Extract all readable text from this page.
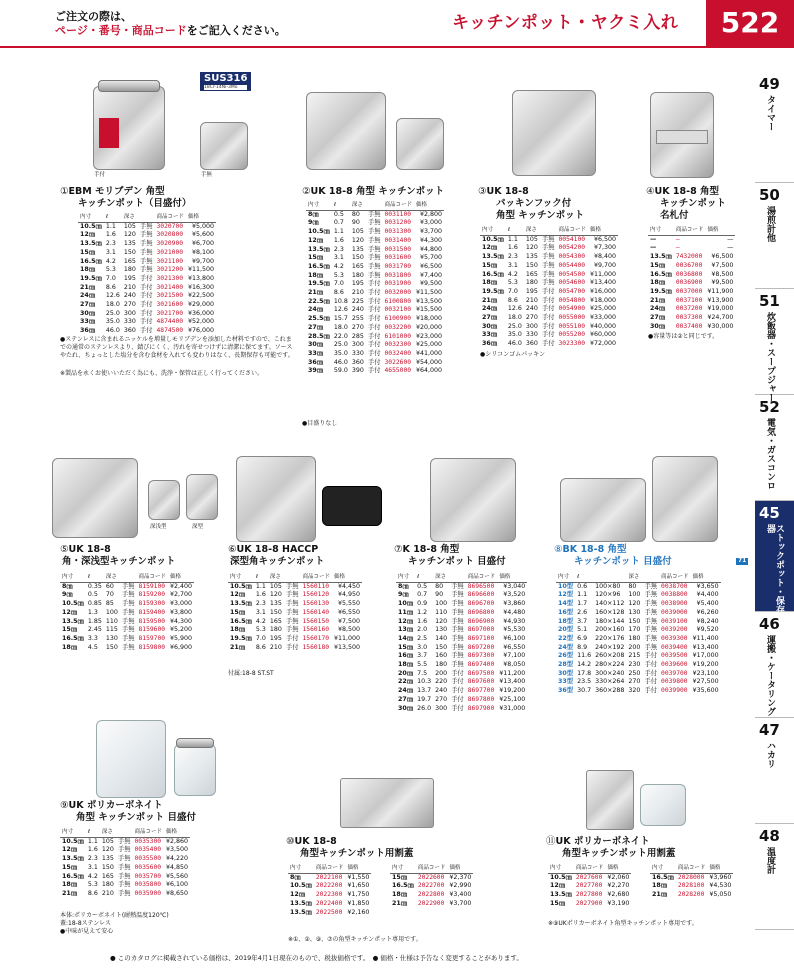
ご注文の際は、
ページ・番号・商品コードをご記入ください。	キッチンポット・ヤクミ入れ	522
49
タイマー
50
湯煎計他
51
炊飯器・スープジャー
52
電気・ガスコンロ
45
ストックポット・保存容器
46
運搬・ケータリング
47
ハカリ
48
温度計
SUS316
18Cr-14Ni-3Mo
手付	手無
①EBM モリブデン 角型
キッチンポット（目盛付）
内寸	ℓ	深さ		商品コード	価格
10.5㎝	1.1	105	手無	3020700	¥5,000
12㎝	1.6	120	手無	3020800	¥5,600
13.5㎝	2.3	135	手無	3020900	¥6,700
15㎝	3.1	150	手無	3021000	¥8,100
16.5㎝	4.2	165	手無	3021100	¥9,700
18㎝	5.3	180	手無	3021200	¥11,500
19.5㎝	7.0	195	手付	3021300	¥13,800
21㎝	8.6	210	手付	3021400	¥16,300
24㎝	12.6	240	手付	3021500	¥22,500
27㎝	18.0	270	手付	3021600	¥29,000
30㎝	25.0	300	手付	3021700	¥36,000
33㎝	35.0	330	手付	4874400	¥52,000
36㎝	46.0	360	手付	4874500	¥76,000
●ステンレスに含まれるニッケルを増量しモリブデンを添加した材料ですので、これまでの通常のステンレスより、錆びにくく、汚れを寄せつけずに清潔に保てます。ソースやたれ、ちょっとした塩分を含む食材を入れても変わりはなく、長期保存も可能です。
※製品を永くお使いいただく為にも、洗浄・保管は正しく行ってください。
②UK 18-8 角型 キッチンポット
内寸	ℓ	深さ		商品コード	価格
8㎝	0.5	80	手無	0031100	¥2,800
9㎝	0.7	90	手無	0031200	¥3,000
10.5㎝	1.1	105	手無	0031300	¥3,700
12㎝	1.6	120	手無	0031400	¥4,300
13.5㎝	2.3	135	手無	0031500	¥4,800
15㎝	3.1	150	手無	0031600	¥5,700
16.5㎝	4.2	165	手無	0031700	¥6,500
18㎝	5.3	180	手無	0031800	¥7,400
19.5㎝	7.0	195	手付	0031900	¥9,500
21㎝	8.6	210	手付	0032000	¥11,500
22.5㎝	10.8	225	手付	6100800	¥13,500
24㎝	12.6	240	手付	0032100	¥15,500
25.5㎝	15.7	255	手付	6100900	¥18,000
27㎝	18.0	270	手付	0032200	¥20,000
28.5㎝	22.0	285	手付	6101000	¥23,000
30㎝	25.0	300	手付	0032300	¥25,000
33㎝	35.0	330	手付	0032400	¥41,000
36㎝	46.0	360	手付	3022600	¥54,000
39㎝	59.0	390	手付	4655000	¥64,000
●目盛りなし
③UK 18-8
パッキンフック付
角型 キッチンポット
内寸	ℓ	深さ		商品コード	価格
10.5㎝	1.1	105	手無	0054100	¥6,500
12㎝	1.6	120	手無	0054200	¥7,300
13.5㎝	2.3	135	手無	0054300	¥8,400
15㎝	3.1	150	手無	0054400	¥9,700
16.5㎝	4.2	165	手無	0054500	¥11,000
18㎝	5.3	180	手無	0054600	¥13,400
19.5㎝	7.0	195	手付	0054700	¥16,000
21㎝	8.6	210	手付	0054800	¥18,000
24㎝	12.6	240	手付	0054900	¥25,000
27㎝	18.0	270	手付	0055000	¥33,000
30㎝	25.0	300	手付	0055100	¥40,000
33㎝	35.0	330	手付	0055200	¥60,000
36㎝	46.0	360	手付	3023300	¥72,000
●シリコンゴムパッキン
④UK 18-8 角型
キッチンポット
名札付
内寸	商品コード	価格
—	—	—
—	—	—
13.5㎝	7432000	¥6,500
15㎝	0036700	¥7,500
16.5㎝	0036800	¥8,500
18㎝	0036900	¥9,500
19.5㎝	0037000	¥11,900
21㎝	0037100	¥13,900
24㎝	0037200	¥19,000
27㎝	0037300	¥24,700
30㎝	0037400	¥30,000
●容量等は②と同じです。
深浅型	深型
⑤UK 18-8
角・深浅型キッチンポット
内寸	ℓ	深さ		商品コード	価格
8㎝	0.35	60	手無	8159100	¥2,400
9㎝	0.5	70	手無	8159200	¥2,700
10.5㎝	0.85	85	手無	8159300	¥3,000
12㎝	1.3	100	手無	8159400	¥3,800
13.5㎝	1.85	110	手無	8159500	¥4,300
15㎝	2.45	115	手無	8159600	¥5,200
16.5㎝	3.3	130	手無	8159700	¥5,900
18㎝	4.5	150	手無	8159800	¥6,900
⑥UK 18-8 HACCP
深型角キッチンポット
内寸	ℓ	深さ		商品コード	価格
10.5㎝	1.1	105	手無	1560110	¥4,450
12㎝	1.6	120	手無	1560120	¥4,950
13.5㎝	2.3	135	手無	1560130	¥5,550
15㎝	3.1	150	手無	1560140	¥6,550
16.5㎝	4.2	165	手無	1560150	¥7,500
18㎝	5.3	180	手無	1560160	¥8,500
19.5㎝	7.0	195	手付	1560170	¥11,000
21㎝	8.6	210	手付	1560180	¥13,500
付属:18-8 ST.ST
⑦K 18-8 角型
キッチンポット 目盛付
内寸	ℓ	深さ		商品コード	価格
8㎝	0.5	80	手無	8696500	¥3,040
9㎝	0.7	90	手無	8696600	¥3,520
10㎝	0.9	100	手無	8696700	¥3,860
11㎝	1.2	110	手無	8696800	¥4,480
12㎝	1.6	120	手無	8696900	¥4,930
13㎝	2.0	130	手無	8697000	¥5,530
14㎝	2.5	140	手無	8697100	¥6,100
15㎝	3.0	150	手無	8697200	¥6,550
16㎝	3.7	160	手無	8697300	¥7,100
18㎝	5.5	180	手無	8697400	¥8,050
20㎝	7.5	200	手付	8697500	¥11,200
22㎝	10.3	220	手付	8697600	¥13,400
24㎝	13.7	240	手付	8697700	¥19,200
27㎝	19.7	270	手付	8697800	¥25,100
30㎝	26.0	300	手付	8697900	¥31,000
⑧BK 18-8 角型
キッチンポット 目盛付	71
内寸	ℓ		深さ		商品コード	価格
10型	0.6	100×80	80	手無	0038700	¥3,650
12型	1.1	120×96	100	手無	0038800	¥4,400
14型	1.7	140×112	120	手無	0038900	¥5,400
16型	2.6	160×128	130	手無	0039000	¥6,260
18型	3.7	180×144	150	手無	0039100	¥8,240
20型	5.1	200×160	170	手無	0039200	¥9,520
22型	6.9	220×176	180	手無	0039300	¥11,400
24型	8.9	240×192	200	手無	0039400	¥13,400
26型	11.6	260×208	215	手付	0039500	¥17,000
28型	14.2	280×224	230	手付	0039600	¥19,200
30型	17.8	300×240	250	手付	0039700	¥23,100
33型	23.5	330×264	270	手付	0039800	¥27,500
36型	30.7	360×288	320	手付	0039900	¥35,600
⑨UK ポリカーボネイト
角型 キッチンポット 目盛付
内寸	ℓ	深さ		商品コード	価格
10.5㎝	1.1	105	手無	0035300	¥2,860
12㎝	1.6	120	手無	0035400	¥3,500
13.5㎝	2.3	135	手無	0035500	¥4,220
15㎝	3.1	150	手無	0035600	¥4,850
16.5㎝	4.2	165	手無	0035700	¥5,560
18㎝	5.3	180	手無	0035800	¥6,100
21㎝	8.6	210	手無	0035900	¥8,650
本体:ポリカーボネイト(耐熱温度120℃)
蓋:18-8ステンレス
●中味が見えて安心
⑩UK 18-8
角型キッチンポット用割蓋
内寸	商品コード	価格
8㎝	2022100	¥1,550
10.5㎝	2022200	¥1,650
12㎝	2022300	¥1,750
13.5㎝	2022400	¥1,850
13.5㎝	2022500	¥2,160
内寸	商品コード	価格
15㎝	2022600	¥2,370
16.5㎝	2022700	¥2,990
18㎝	2022800	¥3,400
21㎝	2022900	¥3,700
※①、②、⑨、⑦の角型キッチンポット専用です。
⑪UK ポリカーボネイト
角型キッチンポット用割蓋
内寸	商品コード	価格
10.5㎝	2027600	¥2,060
12㎝	2027700	¥2,270
13.5㎝	2027800	¥2,680
15㎝	2027900	¥3,190
内寸	商品コード	価格
16.5㎝	2028000	¥3,960
18㎝	2028100	¥4,530
21㎝	2028200	¥5,050
※⑨UKポリカーボネイト角型キッチンポット専用です。
● このカタログに掲載されている価格は、2019年4月1日現在のもので、税抜価格です。　● 価格・仕様は予告なく変更することがあります。
